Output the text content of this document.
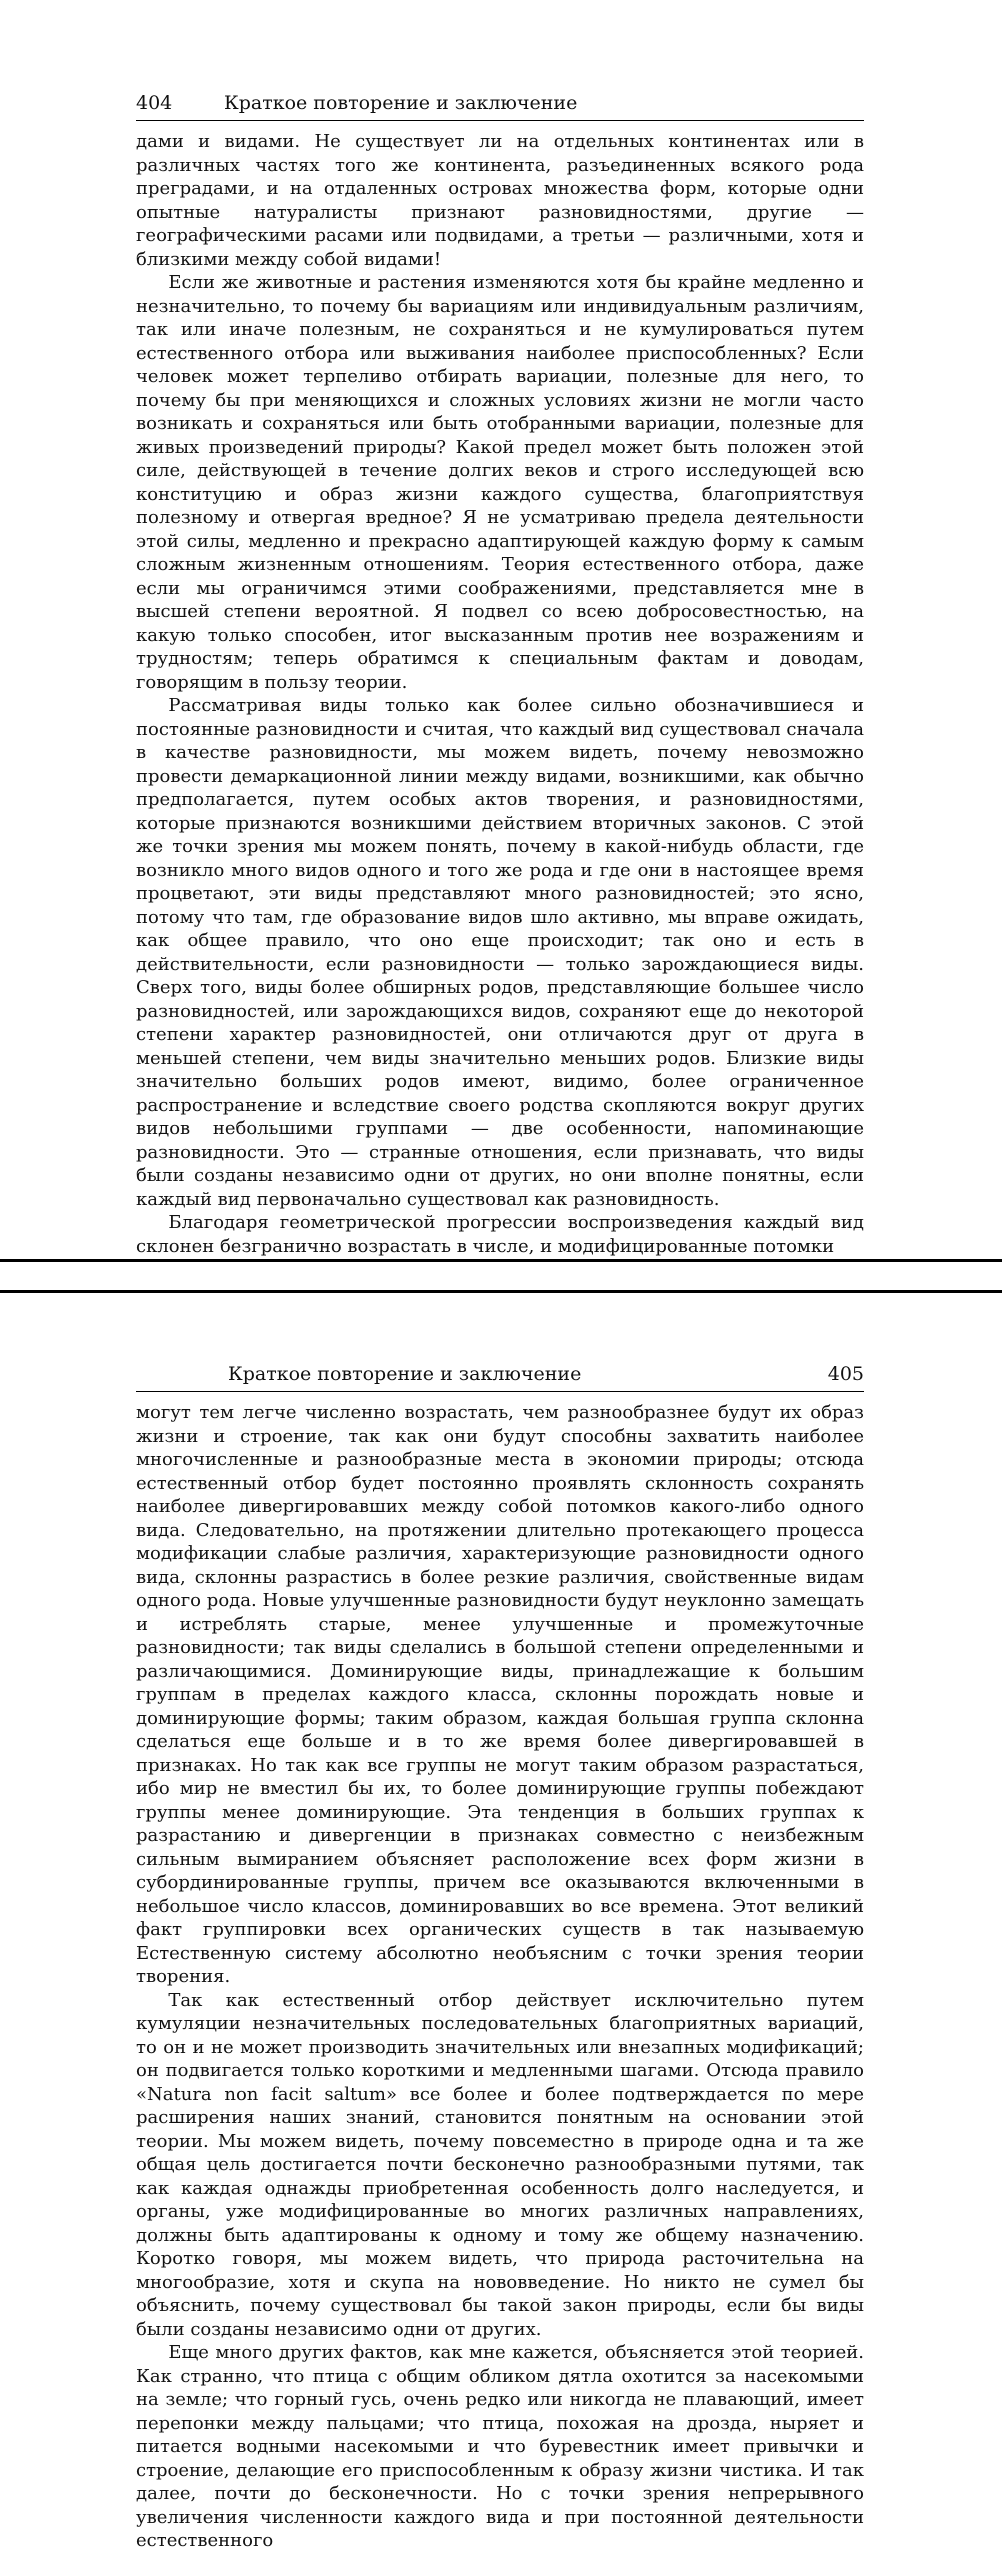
404	Краткое повторение и заключение

дами и видами. Не существует ли на отдельных континентах или в различных частях того же континента, разъединенных всякого рода преградами, и на отдаленных островах множества форм, которые одни опытные натуралисты признают разновидностями, другие — географическими расами или подвидами, а третьи — различными, хотя и близкими между собой видами!

Если же животные и растения изменяются хотя бы крайне медленно и незначительно, то почему бы вариациям или индивидуальным различиям, так или иначе полезным, не сохраняться и не кумулироваться путем естественного отбора или выживания наиболее приспособленных? Если человек может терпеливо отбирать вариации, полезные для него, то почему бы при меняющихся и сложных условиях жизни не могли часто возникать и сохраняться или быть отобранными вариации, полезные для живых произведений природы? Какой предел может быть положен этой силе, действующей в течение долгих веков и строго исследующей всю конституцию и образ жизни каждого существа, благоприятствуя полезному и отвергая вредное? Я не усматриваю предела деятельности этой силы, медленно и прекрасно адаптирующей каждую форму к самым сложным жизненным отношениям. Теория естественного отбора, даже если мы ограничимся этими соображениями, представляется мне в высшей степени вероятной. Я подвел со всею добросовестностью, на какую только способен, итог высказанным против нее возражениям и трудностям; теперь обратимся к специальным фактам и доводам, говорящим в пользу теории.

Рассматривая виды только как более сильно обозначившиеся и постоянные разновидности и считая, что каждый вид существовал сначала в качестве разновидности, мы можем видеть, почему невозможно провести демаркационной линии между видами, возникшими, как обычно предполагается, путем особых актов творения, и разновидностями, которые признаются возникшими действием вторичных законов. С этой же точки зрения мы можем понять, почему в какой-нибудь области, где возникло много видов одного и того же рода и где они в настоящее время процветают, эти виды представляют много разновидностей; это ясно, потому что там, где образование видов шло активно, мы вправе ожидать, как общее правило, что оно еще происходит; так оно и есть в действительности, если разновидности — только зарождающиеся виды. Сверх того, виды более обширных родов, представляющие большее число разновидностей, или зарождающихся видов, сохраняют еще до некоторой степени характер разновидностей, они отличаются друг от друга в меньшей степени, чем виды значительно меньших родов. Близкие виды значительно больших родов имеют, видимо, более ограниченное распространение и вследствие своего родства скопляются вокруг других видов небольшими группами — две особенности, напоминающие разновидности. Это — странные отношения, если признавать, что виды были созданы независимо одни от других, но они вполне понятны, если каждый вид первоначально существовал как разновидность.

Благодаря геометрической прогрессии воспроизведения каждый вид склонен безгранично возрастать в числе, и модифицированные потомки

Краткое повторение и заключение	405

могут тем легче численно возрастать, чем разнообразнее будут их образ жизни и строение, так как они будут способны захватить наиболее многочисленные и разнообразные места в экономии природы; отсюда естественный отбор будет постоянно проявлять склонность сохранять наиболее дивергировавших между собой потомков какого-либо одного вида. Следовательно, на протяжении длительно протекающего процесса модификации слабые различия, характеризующие разновидности одного вида, склонны разрастись в более резкие различия, свойственные видам одного рода. Новые улучшенные разновидности будут неуклонно замещать и истреблять старые, менее улучшенные и промежуточные разновидности; так виды сделались в большой степени определенными и различающимися. Доминирующие виды, принадлежащие к большим группам в пределах каждого класса, склонны порождать новые и доминирующие формы; таким образом, каждая большая группа склонна сделаться еще больше и в то же время более дивергировавшей в признаках. Но так как все группы не могут таким образом разрастаться, ибо мир не вместил бы их, то более доминирующие группы побеждают группы менее доминирующие. Эта тенденция в больших группах к разрастанию и дивергенции в признаках совместно с неизбежным сильным вымиранием объясняет расположение всех форм жизни в субординированные группы, причем все оказываются включенными в небольшое число классов, доминировавших во все времена. Этот великий факт группировки всех органических существ в так называемую Естественную систему абсолютно необъясним с точки зрения теории творения.

Так как естественный отбор действует исключительно путем кумуляции незначительных последовательных благоприятных вариаций, то он и не может производить значительных или внезапных модификаций; он подвигается только короткими и медленными шагами. Отсюда правило «Natura non facit saltum» все более и более подтверждается по мере расширения наших знаний, становится понятным на основании этой теории. Мы можем видеть, почему повсеместно в природе одна и та же общая цель достигается почти бесконечно разнообразными путями, так как каждая однажды приобретенная особенность долго наследуется, и органы, уже модифицированные во многих различных направлениях, должны быть адаптированы к одному и тому же общему назначению. Коротко говоря, мы можем видеть, что природа расточительна на многообразие, хотя и скупа на нововведение. Но никто не сумел бы объяснить, почему существовал бы такой закон природы, если бы виды были созданы независимо одни от других.

Еще много других фактов, как мне кажется, объясняется этой теорией. Как странно, что птица с общим обликом дятла охотится за насекомыми на земле; что горный гусь, очень редко или никогда не плавающий, имеет перепонки между пальцами; что птица, похожая на дрозда, ныряет и питается водными насекомыми и что буревестник имеет привычки и строение, делающие его приспособленным к образу жизни чистика. И так далее, почти до бесконечности. Но с точки зрения непрерывного увеличения численности каждого вида и при постоянной деятельности естественного
